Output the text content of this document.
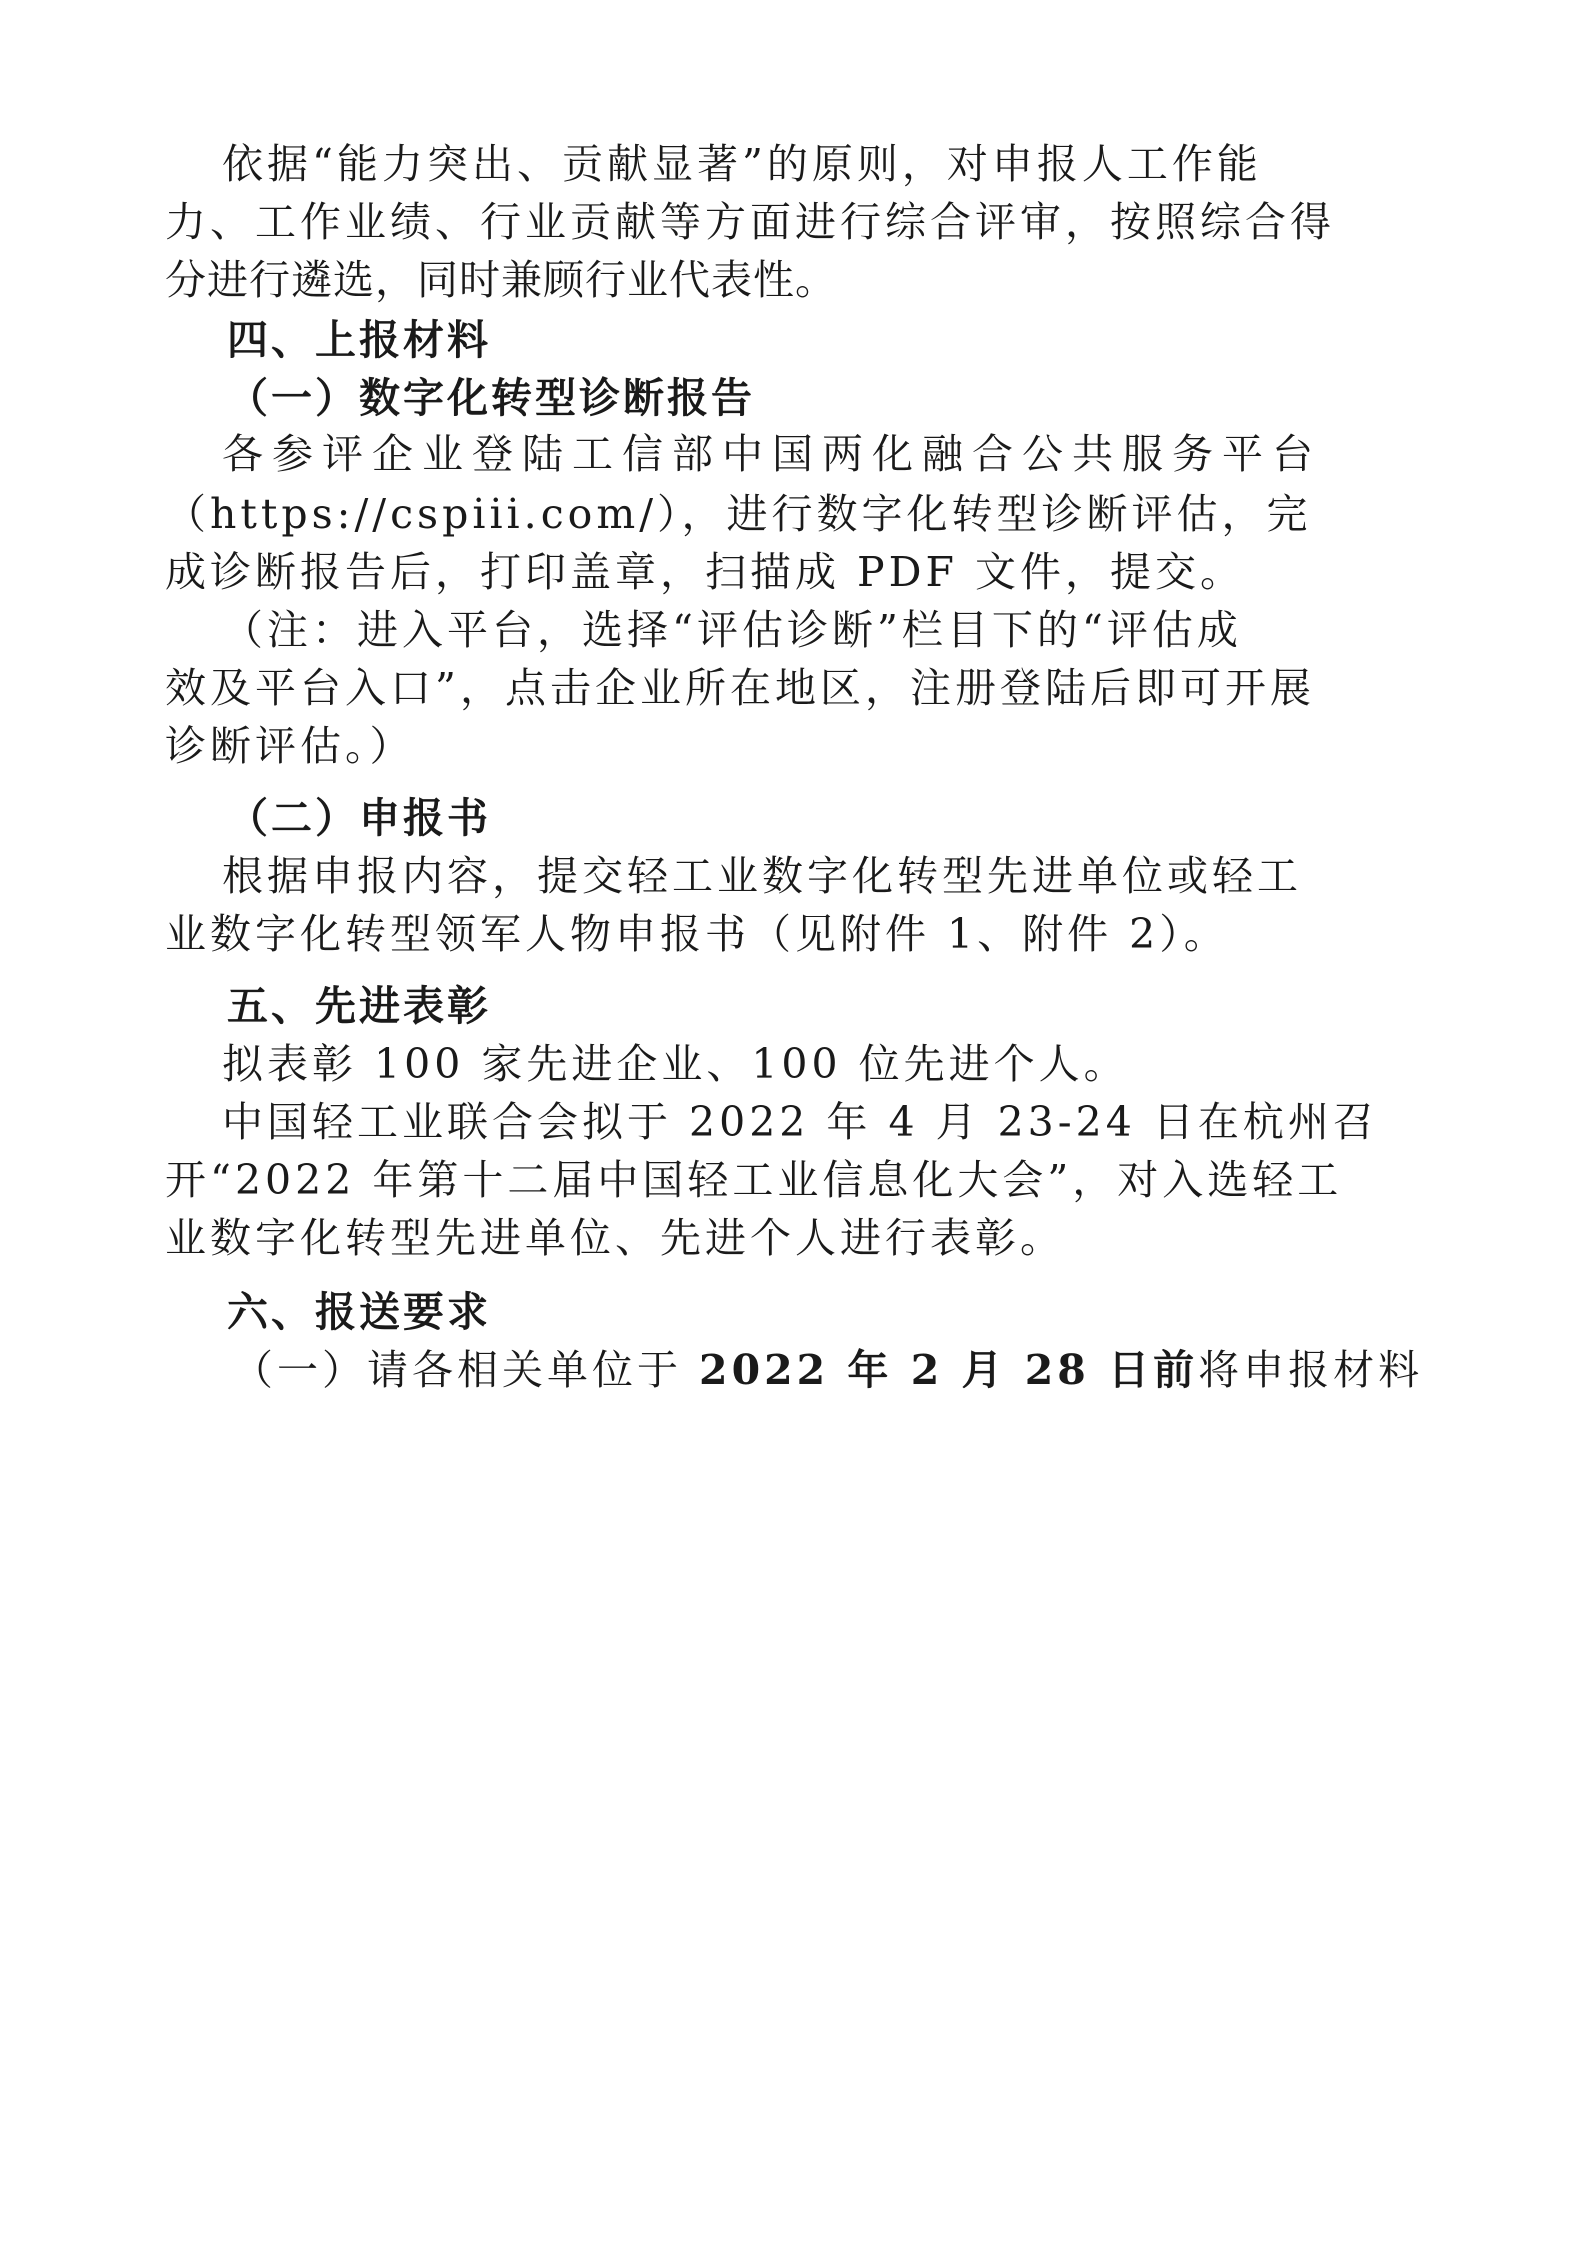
依据“能力突出、贡献显著”的原则，对申报人工作能
力、工作业绩、行业贡献等方面进行综合评审，按照综合得
分进行遴选，同时兼顾行业代表性。
四、上报材料
（一）数字化转型诊断报告
各参评企业登陆工信部中国两化融合公共服务平台
（https://cspiii.com/），进行数字化转型诊断评估，完
成诊断报告后，打印盖章，扫描成 PDF 文件，提交。
（注：进入平台，选择“评估诊断”栏目下的“评估成
效及平台入口”，点击企业所在地区，注册登陆后即可开展
诊断评估。）
（二）申报书
根据申报内容，提交轻工业数字化转型先进单位或轻工
业数字化转型领军人物申报书（见附件 1、附件 2）。
五、先进表彰
拟表彰 100 家先进企业、100 位先进个人。
中国轻工业联合会拟于 2022 年 4 月 23-24 日在杭州召
开“2022 年第十二届中国轻工业信息化大会”，对入选轻工
业数字化转型先进单位、先进个人进行表彰。
六、报送要求
（一）请各相关单位于 2022 年 2 月 28 日前将申报材料
